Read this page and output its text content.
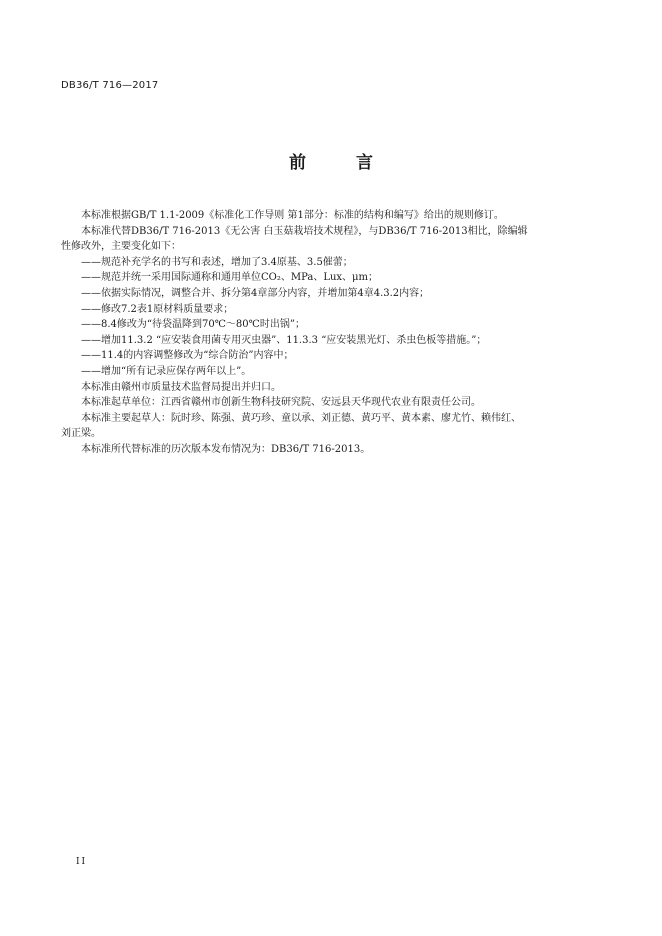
DB36/T 716—2017
前 言

本标准根据GB/T 1.1-2009《标准化工作导则 第1部分：标准的结构和编写》给出的规则修订。

本标准代替DB36/T 716-2013《无公害 白玉菇栽培技术规程》，与DB36/T 716-2013相比，除编辑

性修改外，主要变化如下：

——规范补充学名的书写和表述，增加了3.4原基、3.5催蕾；

——规范并统一采用国际通称和通用单位CO₂、MPa、Lux、μm；

——依据实际情况，调整合并、拆分第4章部分内容，并增加第4章4.3.2内容；

——修改7.2表1原材料质量要求；

——8.4修改为“待袋温降到70℃～80℃时出锅”；

——增加11.3.2 “应安装食用菌专用灭虫器”、11.3.3 “应安装黑光灯、杀虫色板等措施。”；

——11.4的内容调整修改为“综合防治”内容中；

——增加“所有记录应保存两年以上”。

本标准由赣州市质量技术监督局提出并归口。

本标准起草单位：江西省赣州市创新生物科技研究院、安远县天华现代农业有限责任公司。

本标准主要起草人：阮时珍、陈强、黄巧珍、童以承、刘正德、黄巧平、黄本素、廖尤竹、赖伟红、

刘正梁。

本标准所代替标准的历次版本发布情况为：DB36/T 716-2013。

II
